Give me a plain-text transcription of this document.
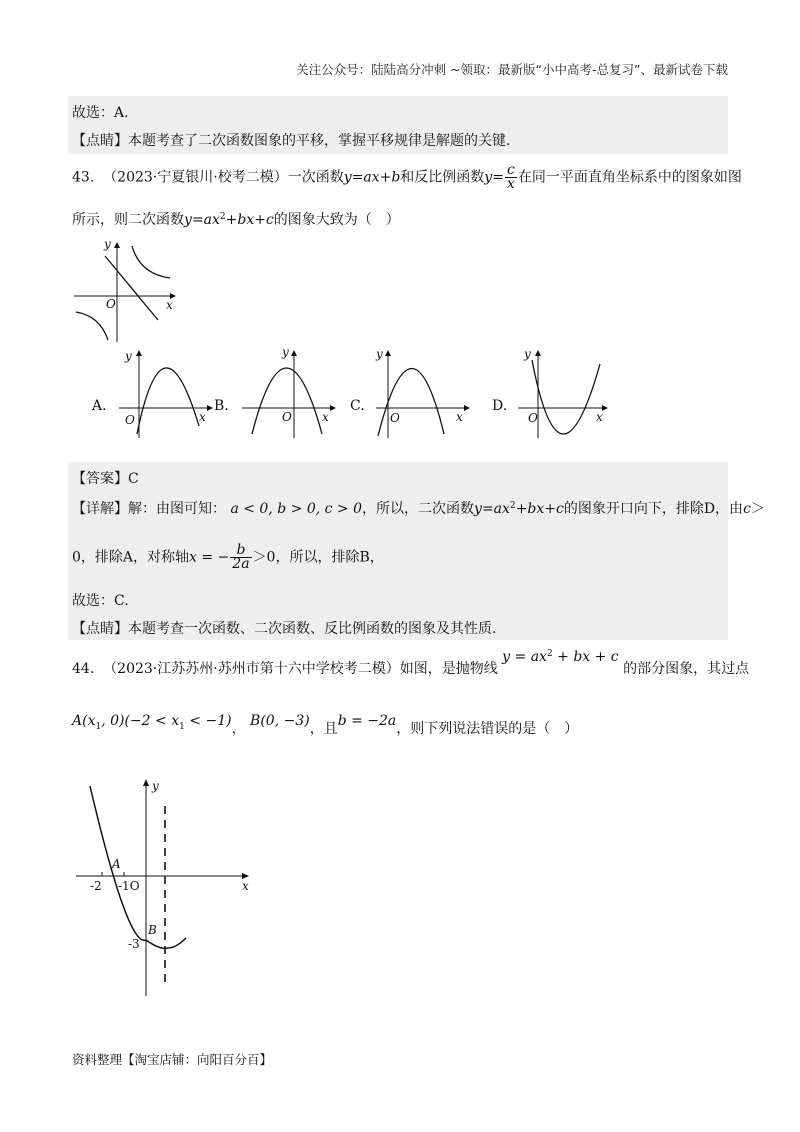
关注公众号：陆陆高分冲刺 ~领取：最新版“小中高考-总复习”、最新试卷下载
故选：A.
【点睛】本题考查了二次函数图象的平移，掌握平移规律是解题的关键.
43. （2023·宁夏银川·校考二模）一次函数y=ax+b和反比例函数$y= \frac{c}{x}$ 在同一平面直角坐标系中的图象如图
所示，则二次函数$y=ax^2+bx+c$的图象大致为（　）
y
x
O
A.
y
x
O
B.
y
x
O
C.
y
x
O
D.
y
x
O
【答案】C
【详解】解：由图可知： a < 0, b > 0, c > 0，所以，二次函数$y=ax^2+bx+c$的图象开口向下，排除D，由c＞
0，排除A，对称轴x = − $\frac{b}{2a} >0$，所以，排除B，
故选：C.
【点睛】本题考查一次函数、二次函数、反比例函数的图象及其性质.
44. （2023·江苏苏州·苏州市第十六中学校考二模）如图，是抛物线 $y = ax^2$ + bx + c 的部分图象，其过点
$A(x_1$, $0)(-2 < x_1 < -1)$， B(0, −3)，且b = −2a，则下列说法错误的是（　）
y
x
A
B
-2 -1O
-3
资料整理【淘宝店铺：向阳百分百】
